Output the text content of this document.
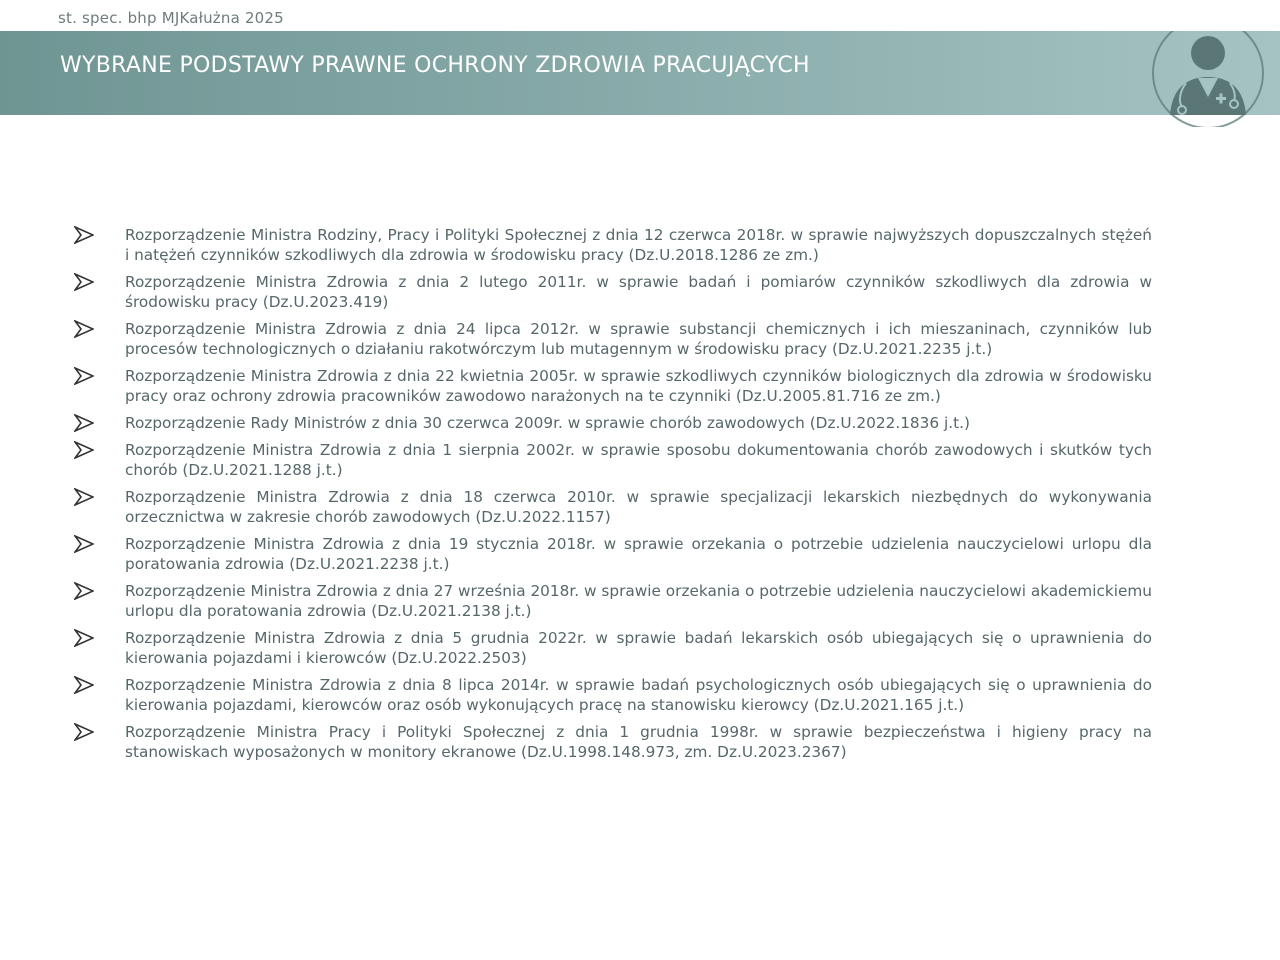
st. spec. bhp MJKałużna 2025
WYBRANE PODSTAWY PRAWNE OCHRONY ZDROWIA PRACUJĄCYCH
Rozporządzenie Ministra Rodziny, Pracy i Polityki Społecznej z dnia 12 czerwca 2018r. w sprawie najwyższych dopuszczalnych stężeń i natężeń czynników szkodliwych dla zdrowia w środowisku pracy (Dz.U.2018.1286 ze zm.)
Rozporządzenie Ministra Zdrowia z dnia 2 lutego 2011r. w sprawie badań i pomiarów czynników szkodliwych dla zdrowia w środowisku pracy (Dz.U.2023.419)
Rozporządzenie Ministra Zdrowia z dnia 24 lipca 2012r. w sprawie substancji chemicznych i ich mieszaninach, czynników lub procesów technologicznych o działaniu rakotwórczym lub mutagennym w środowisku pracy (Dz.U.2021.2235 j.t.)
Rozporządzenie Ministra Zdrowia z dnia 22 kwietnia 2005r. w sprawie szkodliwych czynników biologicznych dla zdrowia w środowisku pracy oraz ochrony zdrowia pracowników zawodowo narażonych na te czynniki (Dz.U.2005.81.716 ze zm.)
Rozporządzenie Rady Ministrów z dnia 30 czerwca 2009r. w sprawie chorób zawodowych (Dz.U.2022.1836 j.t.)
Rozporządzenie Ministra Zdrowia z dnia 1 sierpnia 2002r. w sprawie sposobu dokumentowania chorób zawodowych i skutków tych chorób (Dz.U.2021.1288 j.t.)
Rozporządzenie Ministra Zdrowia z dnia 18 czerwca 2010r. w sprawie specjalizacji lekarskich niezbędnych do wykonywania orzecznictwa w zakresie chorób zawodowych (Dz.U.2022.1157)
Rozporządzenie Ministra Zdrowia z dnia 19 stycznia 2018r. w sprawie orzekania o potrzebie udzielenia nauczycielowi urlopu dla poratowania zdrowia (Dz.U.2021.2238 j.t.)
Rozporządzenie Ministra Zdrowia z dnia 27 września 2018r. w sprawie orzekania o potrzebie udzielenia nauczycielowi akademickiemu urlopu dla poratowania zdrowia (Dz.U.2021.2138 j.t.)
Rozporządzenie Ministra Zdrowia z dnia 5 grudnia 2022r. w sprawie badań lekarskich osób ubiegających się o uprawnienia do kierowania pojazdami i kierowców (Dz.U.2022.2503)
Rozporządzenie Ministra Zdrowia z dnia 8 lipca 2014r. w sprawie badań psychologicznych osób ubiegających się o uprawnienia do kierowania pojazdami, kierowców oraz osób wykonujących pracę na stanowisku kierowcy (Dz.U.2021.165 j.t.)
Rozporządzenie Ministra Pracy i Polityki Społecznej z dnia 1 grudnia 1998r. w sprawie bezpieczeństwa i higieny pracy na stanowiskach wyposażonych w monitory ekranowe (Dz.U.1998.148.973, zm. Dz.U.2023.2367)
